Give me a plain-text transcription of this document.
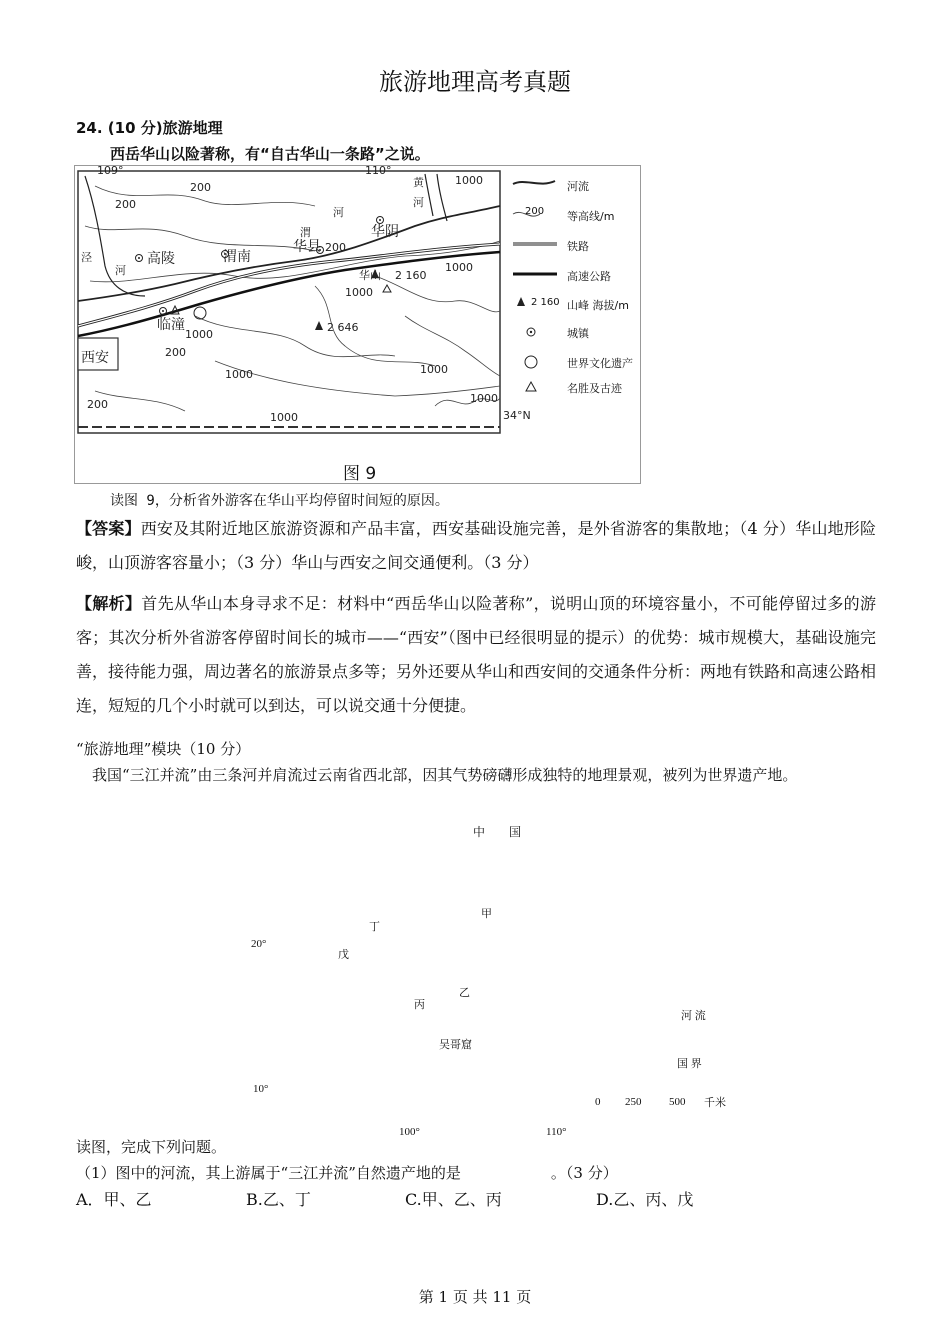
旅游地理高考真题
24. (10 分)旅游地理
西岳华山以险著称，有“自古华山一条路”之说。
109°	110°
34°N
高陵	渭南
华县
华阴
临潼
西安
华山 2 160
2 646
200
1000
200
200
1000
1000
1000
200
200
1000
1000
1000
1000
渭
河
黄
河
泾
河
河流
200 等高线/m
铁路
高速公路
2 160 山峰 海拔/m
城镇
世界文化遗产
名胜及古迹
图 9
读图 9，分析省外游客在华山平均停留时间短的原因。
【答案】西安及其附近地区旅游资源和产品丰富，西安基础设施完善，是外省游客的集散地；（4 分）华山地形险峻，山顶游客容量小；（3 分）华山与西安之间交通便利。（3 分）
【解析】首先从华山本身寻求不足：材料中“西岳华山以险著称”，说明山顶的环境容量小，不可能停留过多的游客；其次分析外省游客停留时间长的城市——“西安”（图中已经很明显的提示）的优势：城市规模大，基础设施完善，接待能力强，周边著名的旅游景点多等；另外还要从华山和西安间的交通条件分析：两地有铁路和高速公路相连，短短的几个小时就可以到达，可以说交通十分便捷。
“旅游地理”模块（10 分）
我国“三江并流”由三条河并肩流过云南省西北部，因其气势磅礴形成独特的地理景观，被列为世界遗产地。
中　　国
甲
丁
20°
戊
乙
丙
河 流
吴哥窟
国 界
10°
0 250	500 千米
100°	110°
读图，完成下列问题。
（1）图中的河流，其上游属于“三江并流”自然遗产地的是　　　　　　。（3 分）
A．甲、乙	B.乙、丁	C.甲、乙、丙	D.乙、丙、戊
第 1 页 共 11 页
